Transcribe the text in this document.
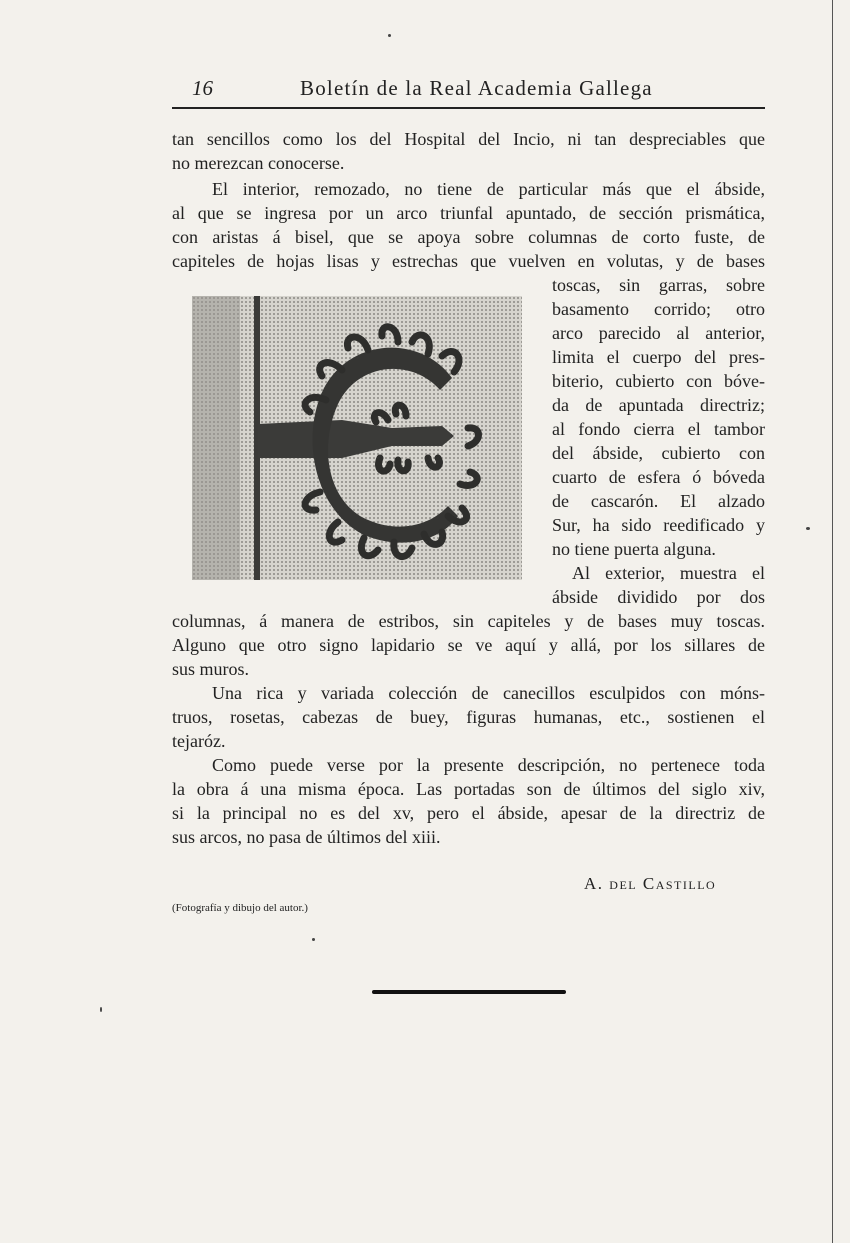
16	Boletín de la Real Academia Gallega
tan sencillos como los del Hospital del Incio, ni tan despreciables que
no merezcan conocerse.
El interior, remozado, no tiene de particular más que el ábside,
al que se ingresa por un arco triunfal apuntado, de sección prismática,
con aristas á bisel, que se apoya sobre columnas de corto fuste, de
capiteles de hojas lisas y estrechas que vuelven en volutas, y de bases
toscas, sin garras, sobre
basamento corrido; otro
arco parecido al anterior,
limita el cuerpo del pres-
biterio, cubierto con bóve-
da de apuntada directriz;
al fondo cierra el tambor
del ábside, cubierto con
cuarto de esfera ó bóveda
de cascarón. El alzado
Sur, ha sido reedificado y
no tiene puerta alguna.
Al exterior, muestra el
ábside dividido por dos
columnas, á manera de estribos, sin capiteles y de bases muy toscas.
Alguno que otro signo lapidario se ve aquí y allá, por los sillares de
sus muros.
Una rica y variada colección de canecillos esculpidos con móns-
truos, rosetas, cabezas de buey, figuras humanas, etc., sostienen el
tejaróz.
Como puede verse por la presente descripción, no pertenece toda
la obra á una misma época. Las portadas son de últimos del siglo xiv,
si la principal no es del xv, pero el ábside, apesar de la directriz de
sus arcos, no pasa de últimos del xiii.
A. del Castillo
(Fotografía y dibujo del autor.)
